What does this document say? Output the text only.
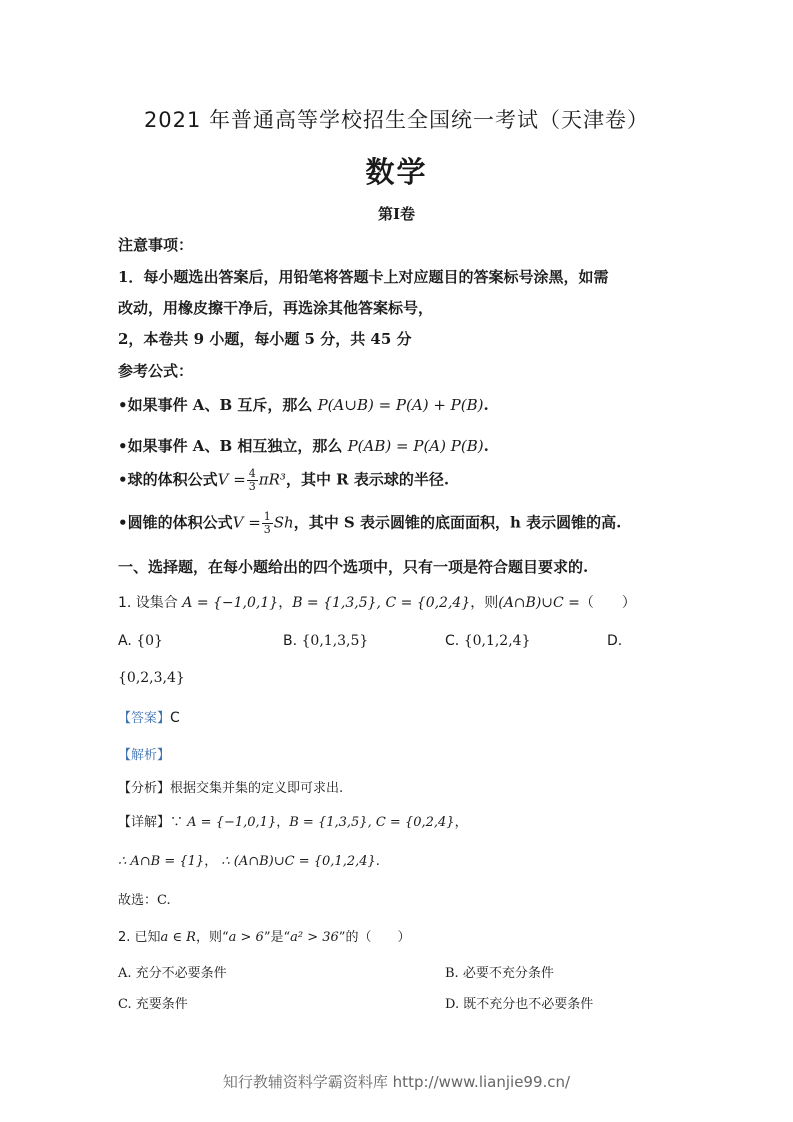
2021 年普通高等学校招生全国统一考试（天津卷）
数学
第Ⅰ卷
注意事项：
1．每小题选出答案后，用铅笔将答题卡上对应题目的答案标号涂黑，如需
改动，用橡皮擦干净后，再选涂其他答案标号，
2，本卷共 9 小题，每小题 5 分，共 45 分
参考公式：
•如果事件 A、B 互斥，那么 P(A∪B) = P(A) + P(B).
•如果事件 A、B 相互独立，那么 P(AB) = P(A) P(B).
•球的体积公式$V = \frac{4}{3} \pi R^3$，其中 R 表示球的半径.
•圆锥的体积公式$V = \frac{1}{3}$ Sh，其中 S 表示圆锥的底面面积，h 表示圆锥的高.
一、选择题，在每小题给出的四个选项中，只有一项是符合题目要求的.
1. 设集合 A = {−1,0,1}，B = {1,3,5}, C = {0,2,4}，则(A∩B)∪C =（　　）
A. {0}	B. {0,1,3,5}	C. {0,1,2,4}	D.
{0,2,3,4}
【答案】C
【解析】
【分析】根据交集并集的定义即可求出.
【详解】∵ A = {−1,0,1}，B = {1,3,5}, C = {0,2,4}，
∴ A∩B = {1}， ∴ (A∩B)∪C = {0,1,2,4}.
故选：C.
2. 已知a ∈ R，则“a > 6”是“a² > 36”的（　　）
A. 充分不必要条件	B. 必要不充分条件
C. 充要条件	D. 既不充分也不必要条件
知行教辅资料学霸资料库 http://www.lianjie99.cn/
